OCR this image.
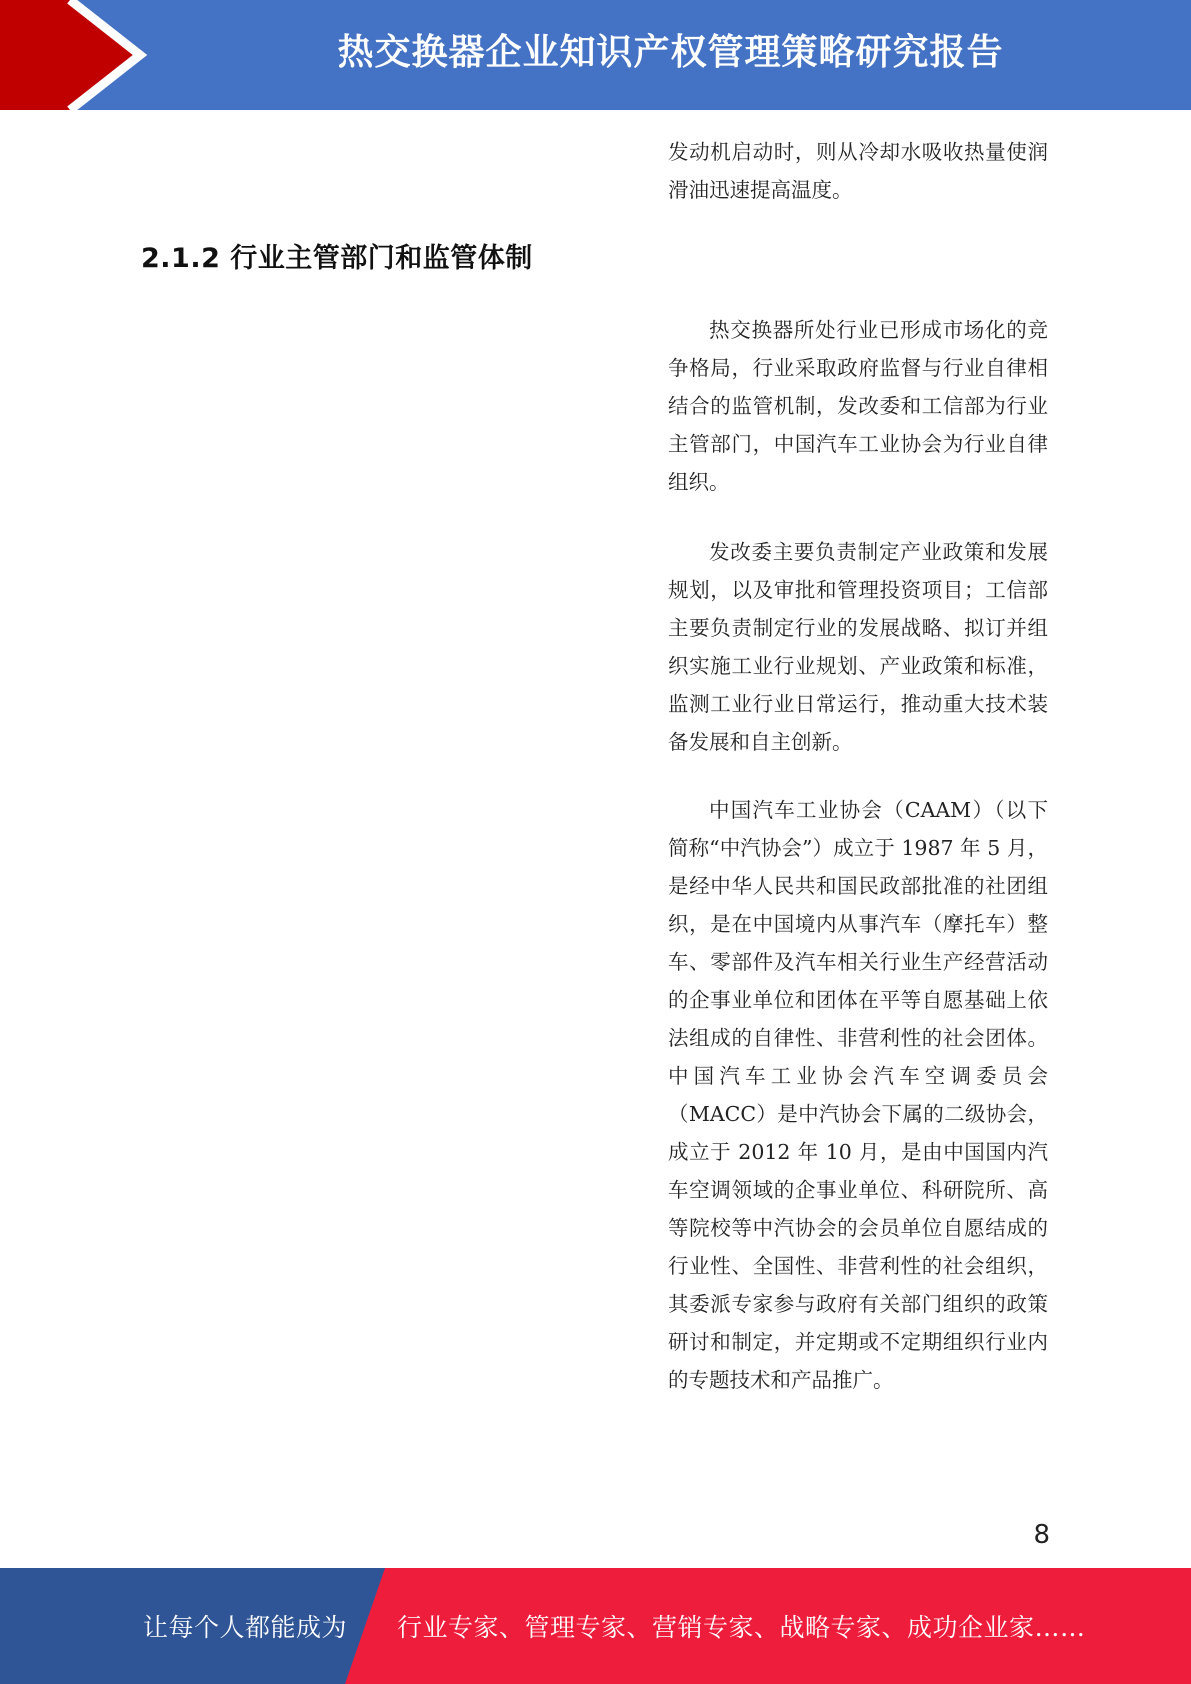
热交换器企业知识产权管理策略研究报告

发动机启动时，则从冷却水吸收热量使润滑油迅速提高温度。

2.1.2 行业主管部门和监管体制

热交换器所处行业已形成市场化的竞争格局，行业采取政府监督与行业自律相结合的监管机制，发改委和工信部为行业主管部门，中国汽车工业协会为行业自律组织。

发改委主要负责制定产业政策和发展规划，以及审批和管理投资项目；工信部主要负责制定行业的发展战略、拟订并组织实施工业行业规划、产业政策和标准，监测工业行业日常运行，推动重大技术装备发展和自主创新。

中国汽车工业协会（CAAM）（以下简称“中汽协会”）成立于 1987 年 5 月，是经中华人民共和国民政部批准的社团组织，是在中国境内从事汽车（摩托车）整车、零部件及汽车相关行业生产经营活动的企事业单位和团体在平等自愿基础上依法组成的自律性、非营利性的社会团体。中国汽车工业协会汽车空调委员会（MACC）是中汽协会下属的二级协会，成立于 2012 年 10 月，是由中国国内汽车空调领域的企事业单位、科研院所、高等院校等中汽协会的会员单位自愿结成的行业性、全国性、非营利性的社会组织，其委派专家参与政府有关部门组织的政策研讨和制定，并定期或不定期组织行业内的专题技术和产品推广。

8
让每个人都能成为 行业专家、管理专家、营销专家、战略专家、成功企业家……
